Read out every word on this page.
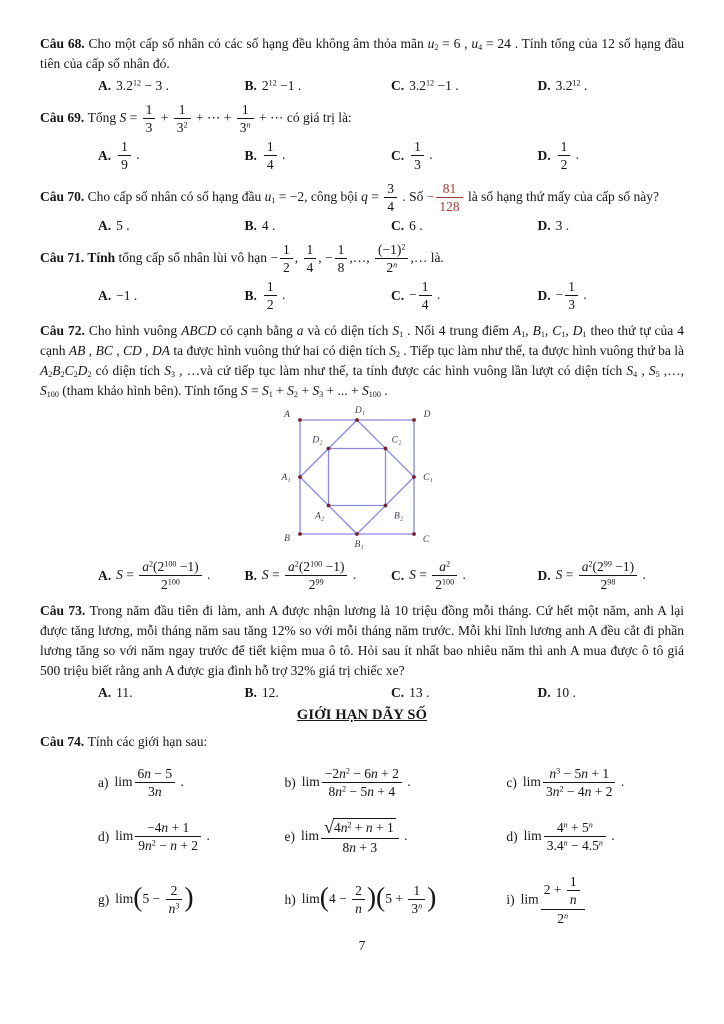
Câu 68. Cho một cấp số nhân có các số hạng đều không âm thỏa mãn u2 = 6 , u4 = 24 . Tính tổng của 12 số hạng đầu tiên của cấp số nhân đó.

A. $3.2^{12} - 3$ .	B. $2^{12} -1$ .	C. $3.2^{12} -1$ .	D. $3.2^{12}$ .

Câu 69. Tổng $S = \frac{1}{3} + \frac{1}{3^2}$ + ⋯ + $\frac{1}{3^n}$ + ⋯ có giá trị là:

A. $\frac{1}{9}$ .	B. $\frac{1}{4}$ .	C. $\frac{1}{3}$ .	D. $\frac{1}{2}$ .

Câu 70. Cho cấp số nhân có số hạng đầu u1 = −2, công bội $q = \frac{3}{4}$ . Số − $\frac{81}{128}$ là số hạng thứ mấy của cấp số này?

A. 5 .	B. 4 .	C. 6 .	D. 3 .

Câu 71. Tính tổng cấp số nhân lùi vô hạn − $\frac{1}{2}$ , $\frac{1}{4}$ , − $\frac{1}{8}$ ,…, $\frac{(-1)^2}{2^n}$ ,… là.

A. −1 .	B. $\frac{1}{2}$ .	C. − $\frac{1}{4}$ .	D. − $\frac{1}{3}$ .

Câu 72. Cho hình vuông ABCD có cạnh bằng a và có diện tích S1 . Nối 4 trung điểm A1, B1, C1, D1 theo thứ tự của 4 cạnh AB , BC , CD , DA ta được hình vuông thứ hai có diện tích S2 . Tiếp tục làm như thế, ta được hình vuông thứ ba là A2B2C2D2 có diện tích S3 , …và cứ tiếp tục làm như thế, ta tính được các hình vuông lần lượt có diện tích S4 , S5 ,…, S100 (tham khảo hình bên). Tính tổng S = S1 + S2 + S3 + ... + S100 .

A	D₁	D
A₁	C₁
B
B₁	C
D₂	C₂
A₂	B₂
A. $S = \frac{a^2(2^{100} -1)}{2^{100}}$ .	B. $S = \frac{a^2(2^{100} -1)}{2^{99}}$ .	C. $S = \frac{a^2}{2^{100}}$ .	D. $S = \frac{a^2(2^{99} -1)}{2^{98}}$ .

Câu 73. Trong năm đầu tiên đi làm, anh A được nhận lương là 10 triệu đồng mỗi tháng. Cứ hết một năm, anh A lại được tăng lương, mỗi tháng năm sau tăng 12% so với mỗi tháng năm trước. Mỗi khi lĩnh lương anh A đều cắt đi phần lương tăng so với năm ngay trước để tiết kiệm mua ô tô. Hỏi sau ít nhất bao nhiêu năm thì anh A mua được ô tô giá 500 triệu biết rằng anh A được gia đình hỗ trợ 32% giá trị chiếc xe?

A. 11.	B. 12.	C. 13 .	D. 10 .
GIỚI HẠN DÃY SỐ

Câu 74. Tính các giới hạn sau:

a) $\lim \frac{6n - 5}{3n}$ .	b) $\lim \frac{-2n^2 - 6n + 2}{8n^2 - 5n + 4}$ .	c) $\lim \frac{n^3 - 5n + 1}{3n^2 - 4n + 2}$ .
d) $\lim \frac{-4n + 1}{9n^2 - n + 2}$ .	e) $\lim \frac{√ 4n^2 + n + 1}{8n + 3}$ .	d) $\lim \frac{4^n + 5^n}{3.4^n - 4.5^n}$ .
g) $\lim(5 - \frac{2}{n^3}$ )	h) $\lim(4 - \frac{2}{n} )(5 + \frac{1}{3^n}$ )	i) $\lim \frac{2 + \frac{1}{n}}{2^n}$
7
